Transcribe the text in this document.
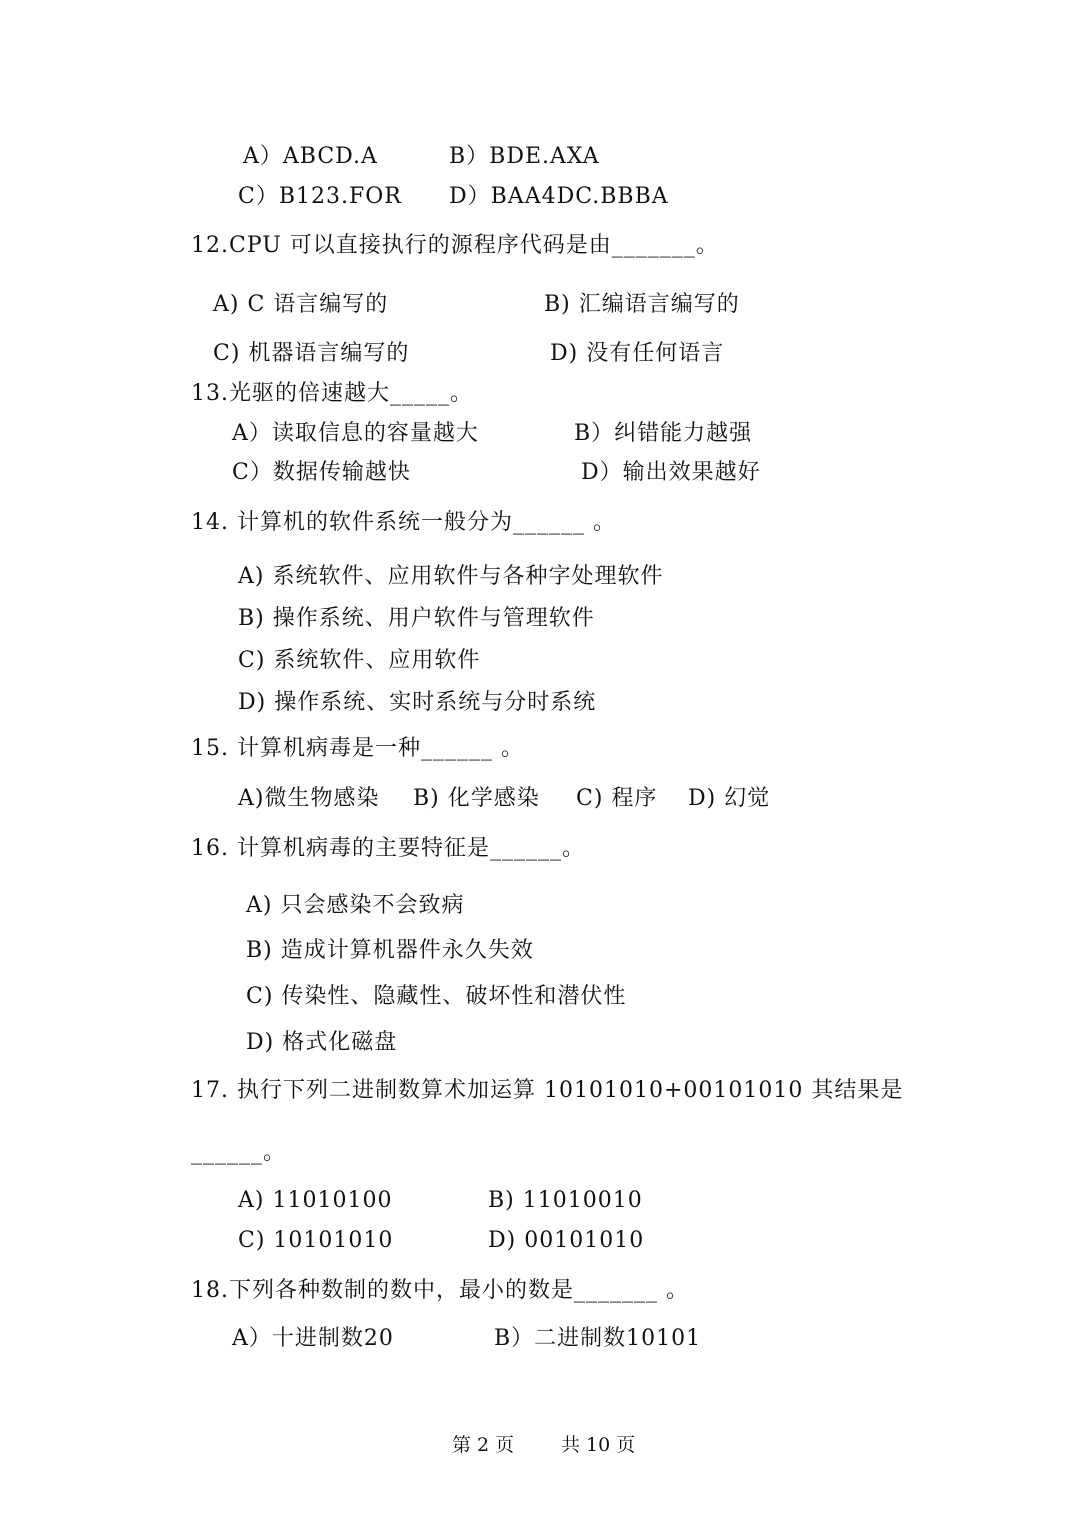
A）ABCD.A	B）BDE.AXA
C）B123.FOR D）BAA4DC.BBBA
12.CPU 可以直接执行的源程序代码是由_______。
A) C 语言编写的	B) 汇编语言编写的
C) 机器语言编写的	D) 没有任何语言
13.光驱的倍速越大_____。
A）读取信息的容量越大	B）纠错能力越强
C）数据传输越快	D）输出效果越好
14. 计算机的软件系统一般分为______ 。
A) 系统软件、应用软件与各种字处理软件
B) 操作系统、用户软件与管理软件
C) 系统软件、应用软件
D) 操作系统、实时系统与分时系统
15. 计算机病毒是一种______ 。
A)微生物感染 B) 化学感染 C) 程序 D) 幻觉
16. 计算机病毒的主要特征是______。
A) 只会感染不会致病
B) 造成计算机器件永久失效
C) 传染性、隐藏性、破坏性和潜伏性
D) 格式化磁盘
17. 执行下列二进制数算术加运算 10101010+00101010 其结果是
______。
A) 11010100	B) 11010010
C) 10101010	D) 00101010
18.下列各种数制的数中，最小的数是_______ 。
A）十进制数20	B）二进制数10101
第 2 页 共 10 页
